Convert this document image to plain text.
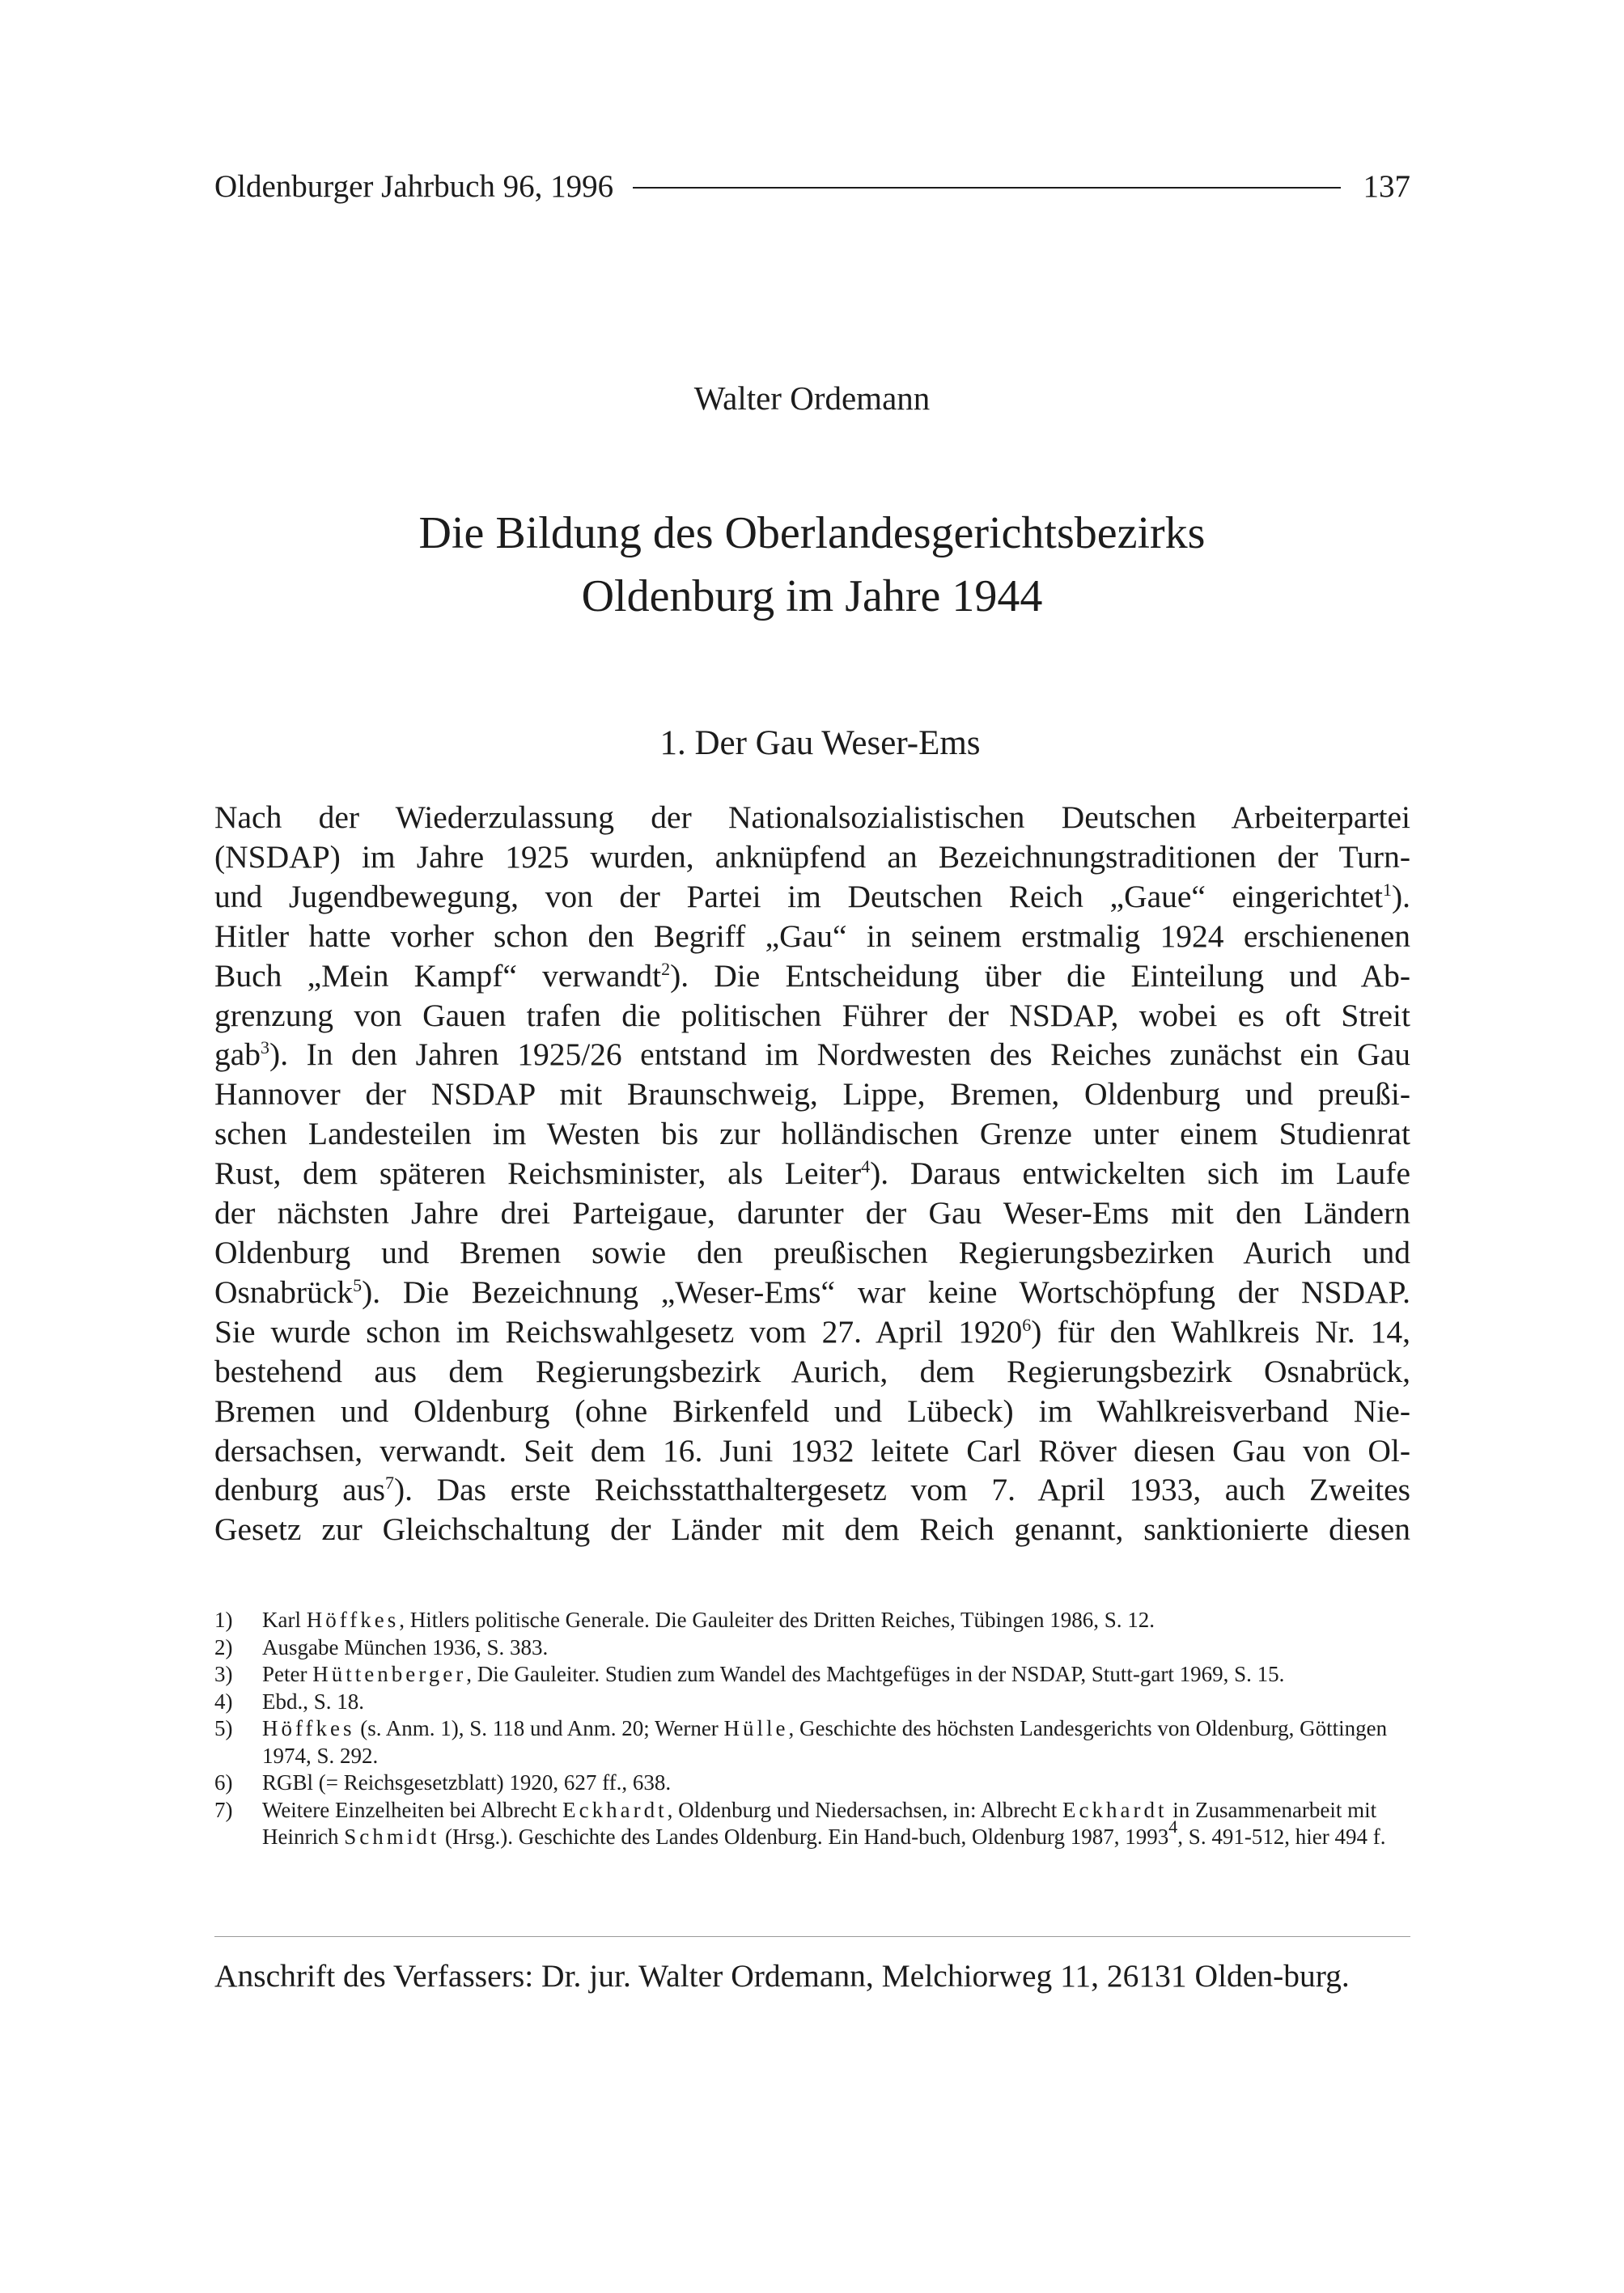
Oldenburger Jahrbuch 96, 1996	137
Walter Ordemann
Die Bildung des Oberlandesgerichtsbezirks
Oldenburg im Jahre 1944
1. Der Gau Weser-Ems
Nach der Wiederzulassung der Nationalsozialistischen Deutschen Arbeiterpartei
(NSDAP) im Jahre 1925 wurden, anknüpfend an Bezeichnungstraditionen der Turn-
und Jugendbewegung, von der Partei im Deutschen Reich „Gaue“ eingerichtet$^1$).
Hitler hatte vorher schon den Begriff „Gau“ in seinem erstmalig 1924 erschienenen
Buch „Mein Kampf“ verwandt$^2$). Die Entscheidung über die Einteilung und Ab-
grenzung von Gauen trafen die politischen Führer der NSDAP, wobei es oft Streit
gab$^3$). In den Jahren 1925/26 entstand im Nordwesten des Reiches zunächst ein Gau
Hannover der NSDAP mit Braunschweig, Lippe, Bremen, Oldenburg und preußi-
schen Landesteilen im Westen bis zur holländischen Grenze unter einem Studienrat
Rust, dem späteren Reichsminister, als Leiter$^4$). Daraus entwickelten sich im Laufe
der nächsten Jahre drei Parteigaue, darunter der Gau Weser-Ems mit den Ländern
Oldenburg und Bremen sowie den preußischen Regierungsbezirken Aurich und
Osnabrück$^5$). Die Bezeichnung „Weser-Ems“ war keine Wortschöpfung der NSDAP.
Sie wurde schon im Reichswahlgesetz vom 27. April 1920$^6$) für den Wahlkreis Nr. 14,
bestehend aus dem Regierungsbezirk Aurich, dem Regierungsbezirk Osnabrück,
Bremen und Oldenburg (ohne Birkenfeld und Lübeck) im Wahlkreisverband Nie-
dersachsen, verwandt. Seit dem 16. Juni 1932 leitete Carl Röver diesen Gau von Ol-
denburg aus$^7$). Das erste Reichsstatthaltergesetz vom 7. April 1933, auch Zweites
Gesetz zur Gleichschaltung der Länder mit dem Reich genannt, sanktionierte diesen
1)	Karl Höffkes, Hitlers politische Generale. Die Gauleiter des Dritten Reiches, Tübingen 1986, S. 12.
2)	Ausgabe München 1936, S. 383.
3)	Peter Hüttenberger, Die Gauleiter. Studien zum Wandel des Machtgefüges in der NSDAP, Stutt-gart 1969, S. 15.
4)	Ebd., S. 18.
5)	Höffkes (s. Anm. 1), S. 118 und Anm. 20; Werner Hülle, Geschichte des höchsten Landesgerichts von Oldenburg, Göttingen 1974, S. 292.
6)	RGBl (= Reichsgesetzblatt) 1920, 627 ff., 638.
7)	Weitere Einzelheiten bei Albrecht Eckhardt, Oldenburg und Niedersachsen, in: Albrecht Eckhardt in Zusammenarbeit mit Heinrich Schmidt (Hrsg.). Geschichte des Landes Oldenburg. Ein Hand-buch, Oldenburg 1987, 1993$^4$, S. 491-512, hier 494 f.
Anschrift des Verfassers: Dr. jur. Walter Ordemann, Melchiorweg 11, 26131 Olden-burg.
